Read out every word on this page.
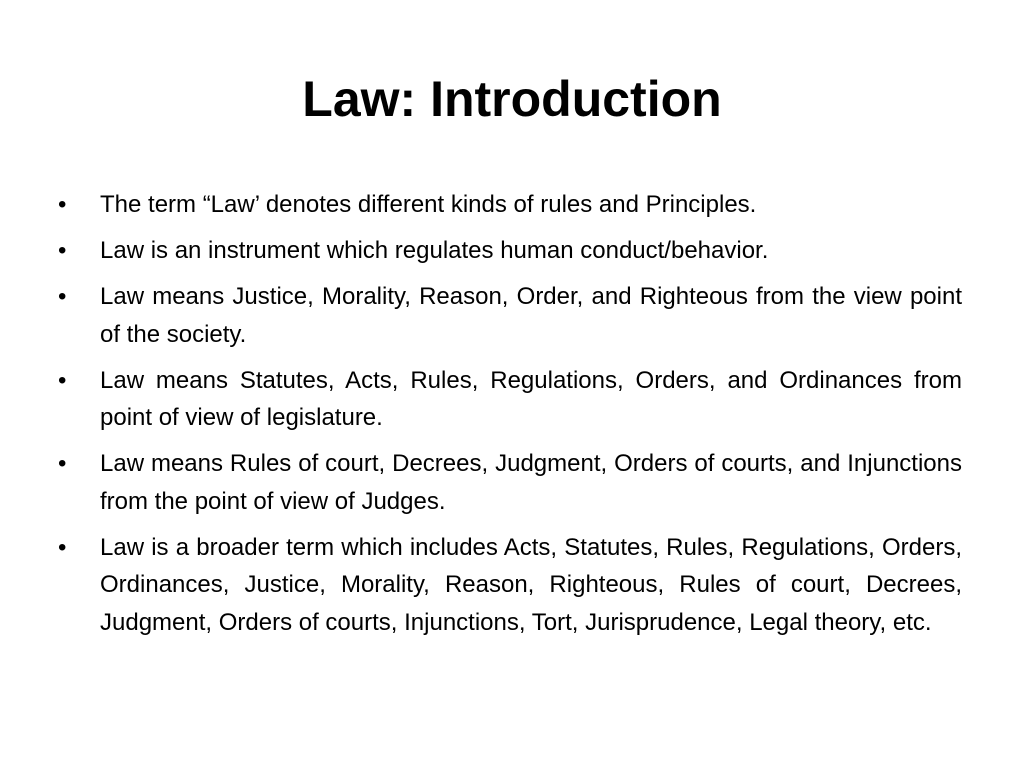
Law: Introduction
• The term “Law’ denotes different kinds of rules and Principles.
• Law is an instrument which regulates human conduct/behavior.
• Law means Justice, Morality, Reason, Order, and Righteous from the view point of the society.
• Law means Statutes, Acts, Rules, Regulations, Orders, and Ordinances from point of view of legislature.
• Law means Rules of court, Decrees, Judgment, Orders of courts, and Injunctions from the point of view of Judges.
• Law is a broader term which includes Acts, Statutes, Rules, Regulations, Orders, Ordinances, Justice, Morality, Reason, Righteous, Rules of court, Decrees, Judgment, Orders of courts, Injunctions, Tort, Jurisprudence, Legal theory, etc.
